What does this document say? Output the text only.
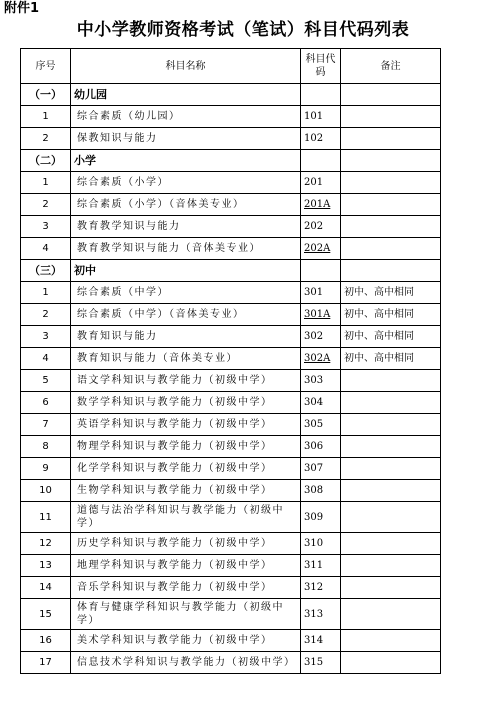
附件1
中小学教师资格考试（笔试）科目代码列表
序号	科目名称	科目代码	备注
（一）	幼儿园		
1	综合素质（幼儿园）	101	
2	保教知识与能力	102	
（二）	小学		
1	综合素质（小学）	201	
2	综合素质（小学）（音体美专业）	201A	
3	教育教学知识与能力	202	
4	教育教学知识与能力（音体美专业）	202A	
（三）	初中		
1	综合素质（中学）	301	初中、高中相同
2	综合素质（中学）（音体美专业）	301A	初中、高中相同
3	教育知识与能力	302	初中、高中相同
4	教育知识与能力（音体美专业）	302A	初中、高中相同
5	语文学科知识与教学能力（初级中学）	303	
6	数学学科知识与教学能力（初级中学）	304	
7	英语学科知识与教学能力（初级中学）	305	
8	物理学科知识与教学能力（初级中学）	306	
9	化学学科知识与教学能力（初级中学）	307	
10	生物学科知识与教学能力（初级中学）	308	
11	道德与法治学科知识与教学能力（初级中学）	309	
12	历史学科知识与教学能力（初级中学）	310	
13	地理学科知识与教学能力（初级中学）	311	
14	音乐学科知识与教学能力（初级中学）	312	
15	体育与健康学科知识与教学能力（初级中学）	313	
16	美术学科知识与教学能力（初级中学）	314	
17	信息技术学科知识与教学能力（初级中学）	315	
